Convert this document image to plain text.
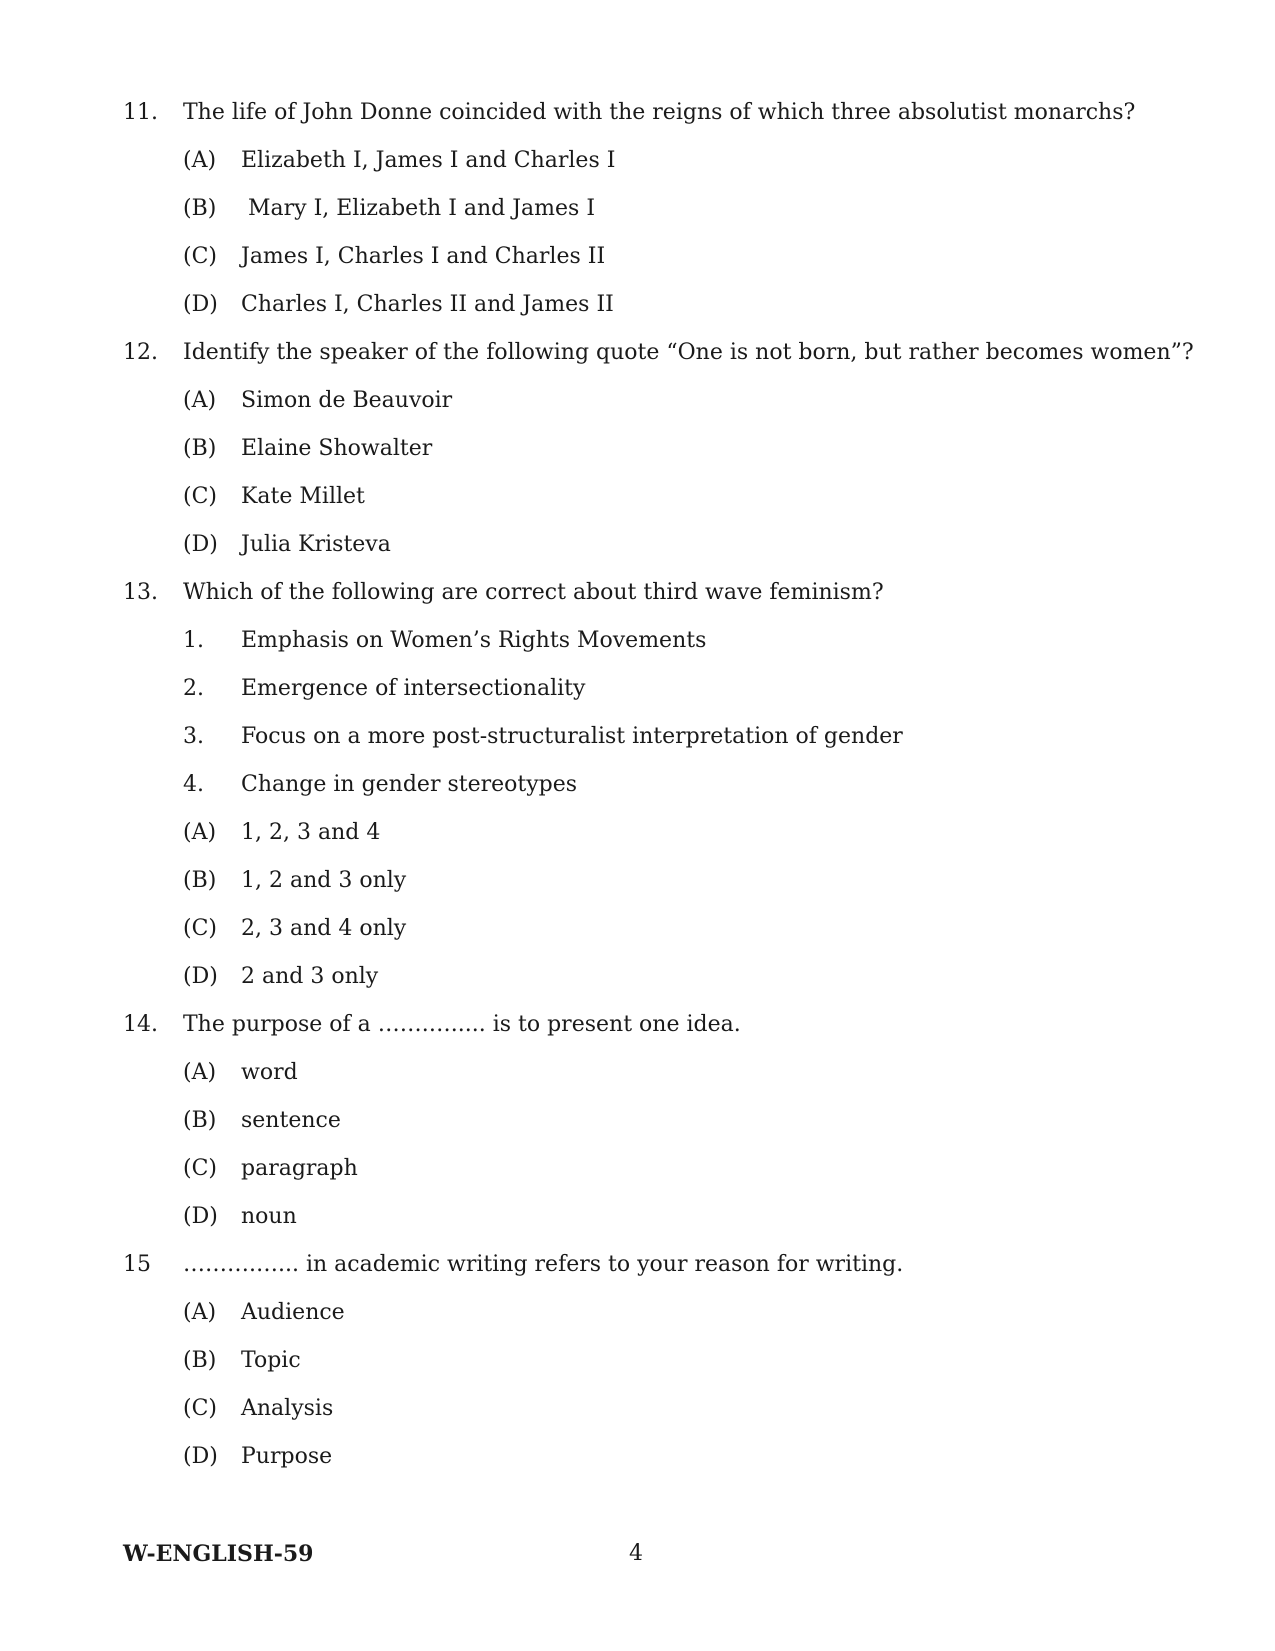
11. The life of John Donne coincided with the reigns of which three absolutist monarchs?
(A) Elizabeth I, James I and Charles I
(B) Mary I, Elizabeth I and James I
(C) James I, Charles I and Charles II
(D) Charles I, Charles II and James II
12. Identify the speaker of the following quote “One is not born, but rather becomes women”?
(A) Simon de Beauvoir
(B) Elaine Showalter
(C) Kate Millet
(D) Julia Kristeva
13. Which of the following are correct about third wave feminism?
1. Emphasis on Women’s Rights Movements
2. Emergence of intersectionality
3. Focus on a more post-structuralist interpretation of gender
4. Change in gender stereotypes
(A) 1, 2, 3 and 4
(B) 1, 2 and 3 only
(C) 2, 3 and 4 only
(D) 2 and 3 only
14. The purpose of a …….…..... is to present one idea.
(A) word
(B) sentence
(C) paragraph
(D) noun
15 ……….…... in academic writing refers to your reason for writing.
(A) Audience
(B) Topic
(C) Analysis
(D) Purpose
W-ENGLISH-59	4
